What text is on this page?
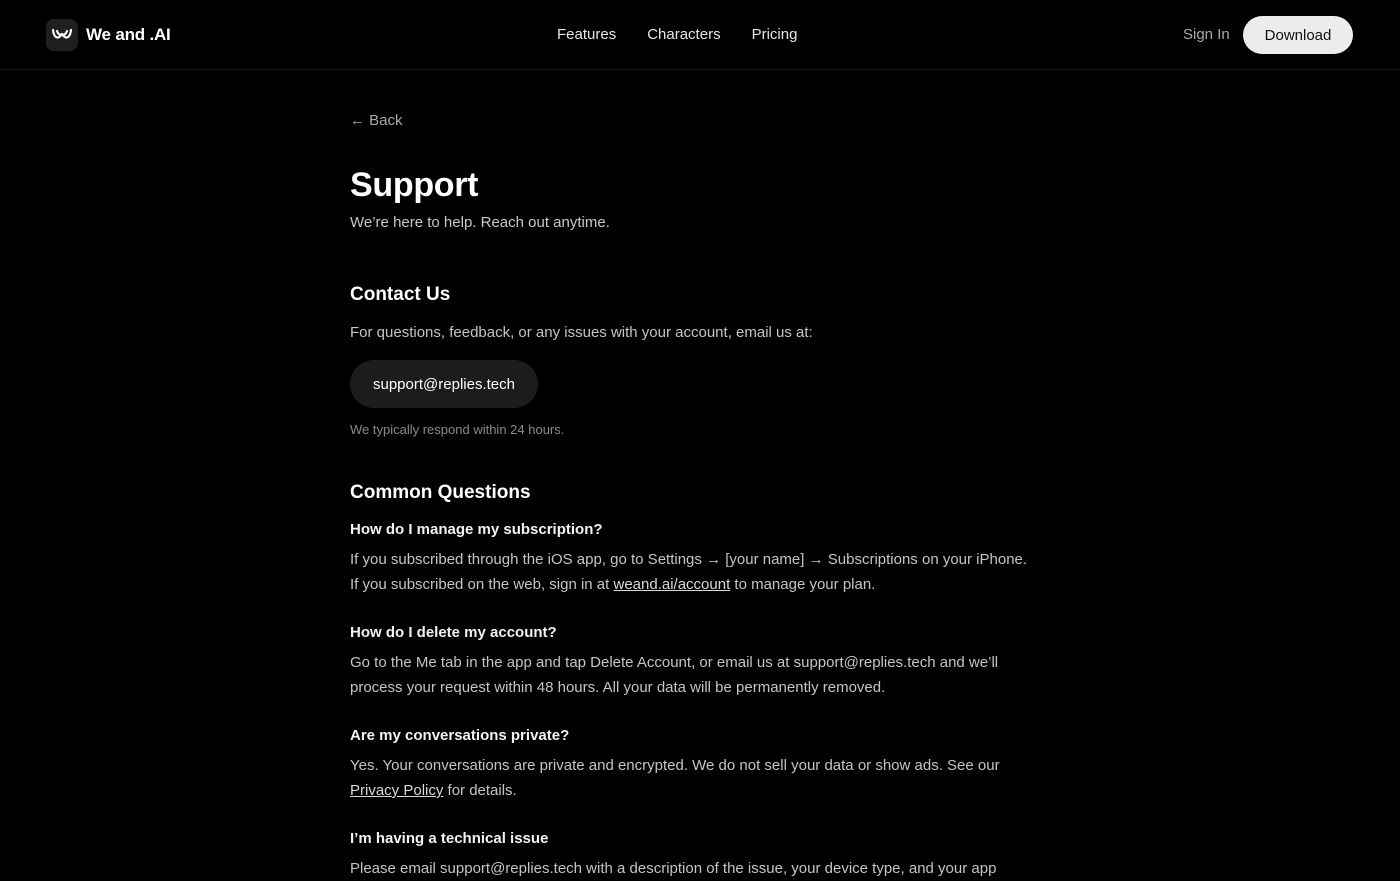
We and .AI	Features Characters Pricing	Sign In	Download
← Back
Support

We’re here to help. Reach out anytime.

Contact Us

For questions, feedback, or any issues with your account, email us at:

support@replies.tech

We typically respond within 24 hours.

Common Questions

How do I manage my subscription?

If you subscribed through the iOS app, go to Settings → [your name] → Subscriptions on your iPhone.

If you subscribed on the web, sign in at weand.ai/account to manage your plan.

How do I delete my account?

Go to the Me tab in the app and tap Delete Account, or email us at support@replies.tech and we’ll

process your request within 48 hours. All your data will be permanently removed.

Are my conversations private?

Yes. Your conversations are private and encrypted. We do not sell your data or show ads. See our

Privacy Policy for details.

I’m having a technical issue

Please email support@replies.tech with a description of the issue, your device type, and your app
